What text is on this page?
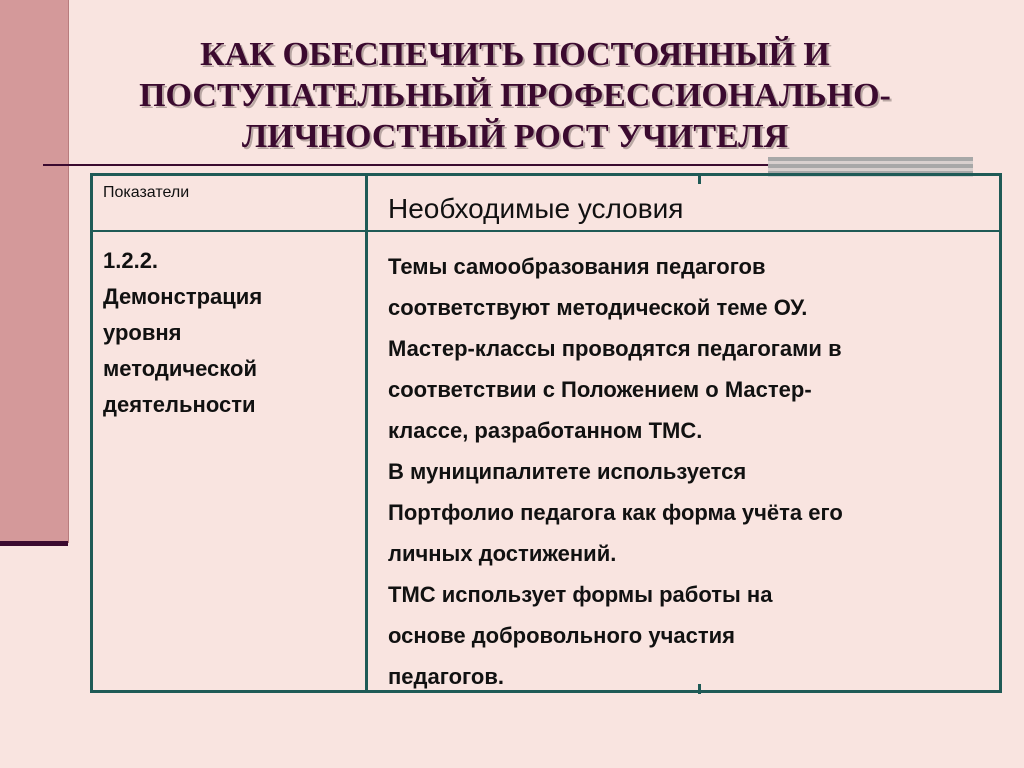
КАК ОБЕСПЕЧИТЬ ПОСТОЯННЫЙ И
ПОСТУПАТЕЛЬНЫЙ ПРОФЕССИОНАЛЬНО-
ЛИЧНОСТНЫЙ РОСТ УЧИТЕЛЯ
Показатели
Необходимые условия
1.2.2.
Демонстрация
уровня
методической
деятельности
Темы самообразования педагогов
соответствуют методической теме ОУ.
Мастер-классы проводятся педагогами в
соответствии с Положением о Мастер-
классе, разработанном ТМС.
В муниципалитете используется
Портфолио педагога как форма учёта его
личных достижений.
ТМС использует формы работы на
основе добровольного участия
педагогов.
